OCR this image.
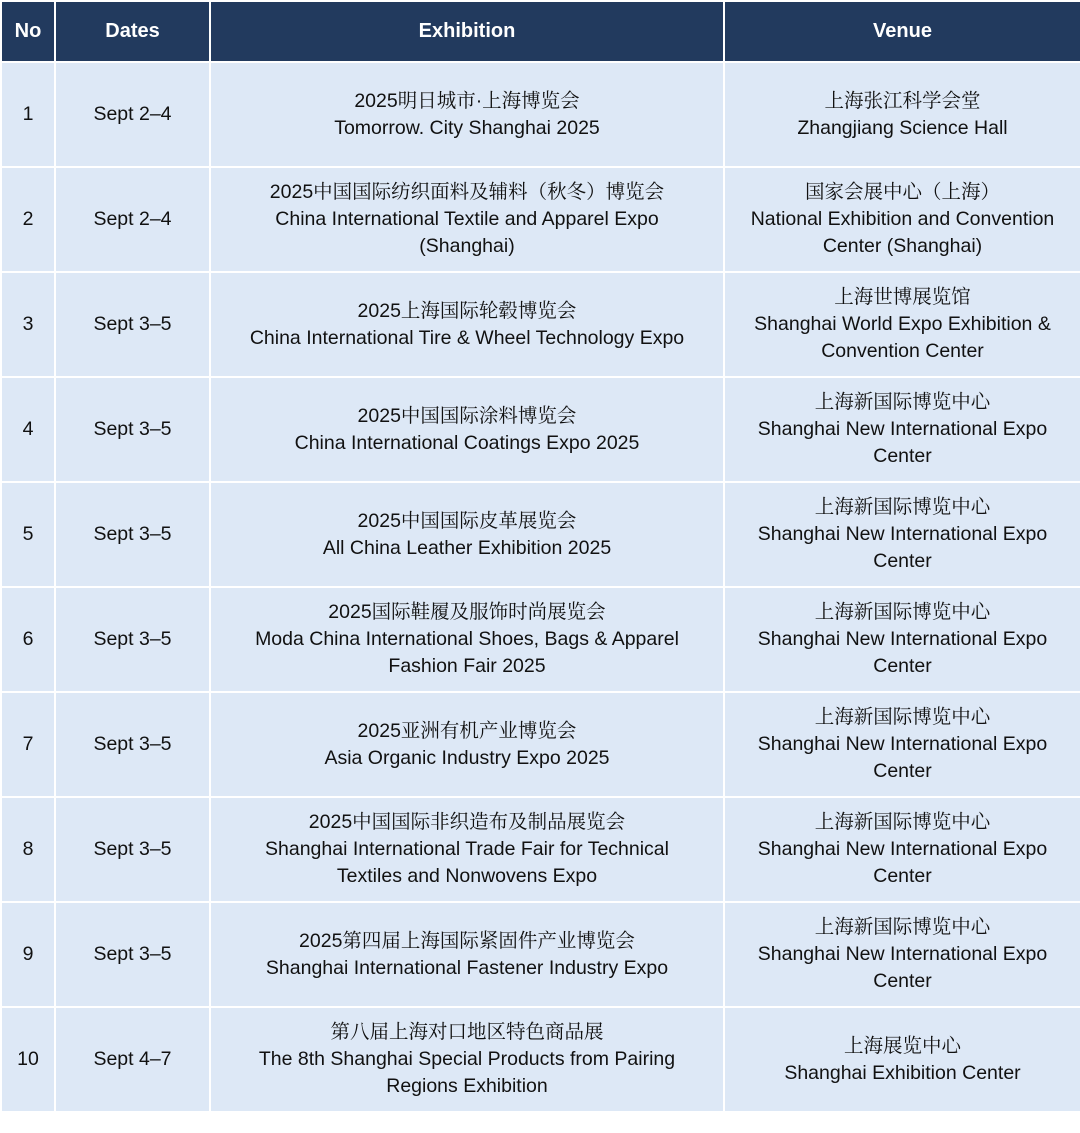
No	Dates	Exhibition	Venue
1	Sept 2–4	2025明日城市·上海博览会
Tomorrow. City Shanghai 2025	上海张江科学会堂
Zhangjiang Science Hall

2	Sept 2–4	2025中国国际纺织面料及辅料（秋冬）博览会
China International Textile and Apparel Expo
(Shanghai)	国家会展中心（上海）
National Exhibition and Convention
Center (Shanghai)

3	Sept 3–5	2025上海国际轮毂博览会
China International Tire & Wheel Technology Expo	上海世博展览馆
Shanghai World Expo Exhibition &
Convention Center

4	Sept 3–5	2025中国国际涂料博览会
China International Coatings Expo 2025	上海新国际博览中心
Shanghai New International Expo
Center

5	Sept 3–5	2025中国国际皮革展览会
All China Leather Exhibition 2025	上海新国际博览中心
Shanghai New International Expo
Center

6	Sept 3–5	2025国际鞋履及服饰时尚展览会
Moda China International Shoes, Bags & Apparel
Fashion Fair 2025	上海新国际博览中心
Shanghai New International Expo
Center

7	Sept 3–5	2025亚洲有机产业博览会
Asia Organic Industry Expo 2025	上海新国际博览中心
Shanghai New International Expo
Center

8	Sept 3–5	2025中国国际非织造布及制品展览会
Shanghai International Trade Fair for Technical
Textiles and Nonwovens Expo	上海新国际博览中心
Shanghai New International Expo
Center

9	Sept 3–5	2025第四届上海国际紧固件产业博览会
Shanghai International Fastener Industry Expo	上海新国际博览中心
Shanghai New International Expo
Center

10	Sept 4–7	第八届上海对口地区特色商品展
The 8th Shanghai Special Products from Pairing
Regions Exhibition	上海展览中心
Shanghai Exhibition Center
